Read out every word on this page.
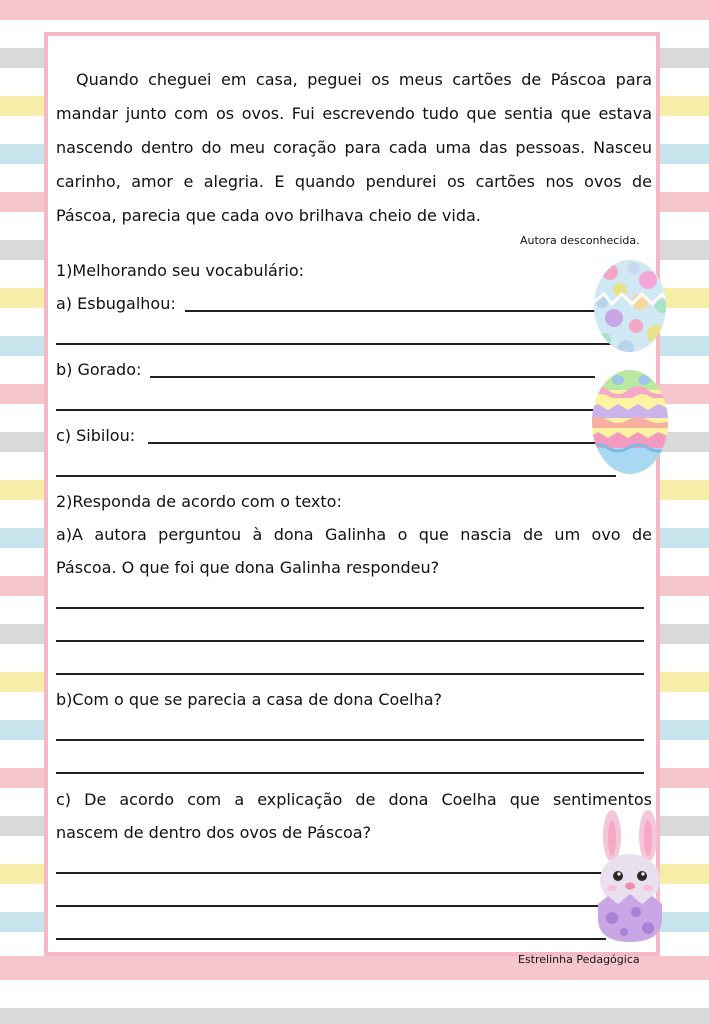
Quando cheguei em casa, peguei os meus cartões de Páscoa para
mandar junto com os ovos. Fui escrevendo tudo que sentia que estava
nascendo dentro do meu coração para cada uma das pessoas. Nasceu
carinho, amor e alegria. E quando pendurei os cartões nos ovos de
Páscoa, parecia que cada ovo brilhava cheio de vida.
Autora desconhecida.
1)Melhorando seu vocabulário:
a) Esbugalhou:
b) Gorado:
c) Sibilou:
2)Responda de acordo com o texto:
a)A autora perguntou à dona Galinha o que nascia de um ovo de
Páscoa. O que foi que dona Galinha respondeu?
b)Com o que se parecia a casa de dona Coelha?
c) De acordo com a explicação de dona Coelha que sentimentos
nascem de dentro dos ovos de Páscoa?
Estrelinha Pedagógica
